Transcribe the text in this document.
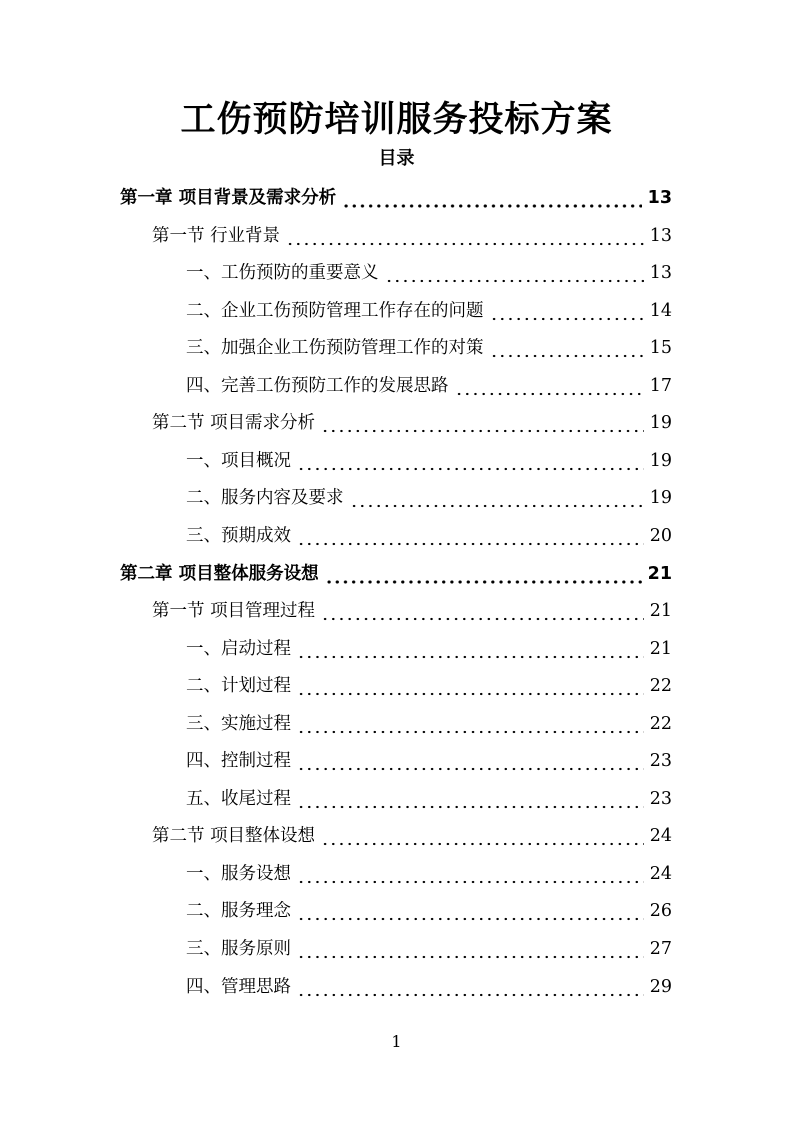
工伤预防培训服务投标方案
目录
第一章 项目背景及需求分析	13
第一节 行业背景	13
一、工伤预防的重要意义	13
二、企业工伤预防管理工作存在的问题	14
三、加强企业工伤预防管理工作的对策	15
四、完善工伤预防工作的发展思路	17
第二节 项目需求分析	19
一、项目概况	19
二、服务内容及要求	19
三、预期成效	20
第二章 项目整体服务设想	21
第一节 项目管理过程	21
一、启动过程	21
二、计划过程	22
三、实施过程	22
四、控制过程	23
五、收尾过程	23
第二节 项目整体设想	24
一、服务设想	24
二、服务理念	26
三、服务原则	27
四、管理思路	29
1
